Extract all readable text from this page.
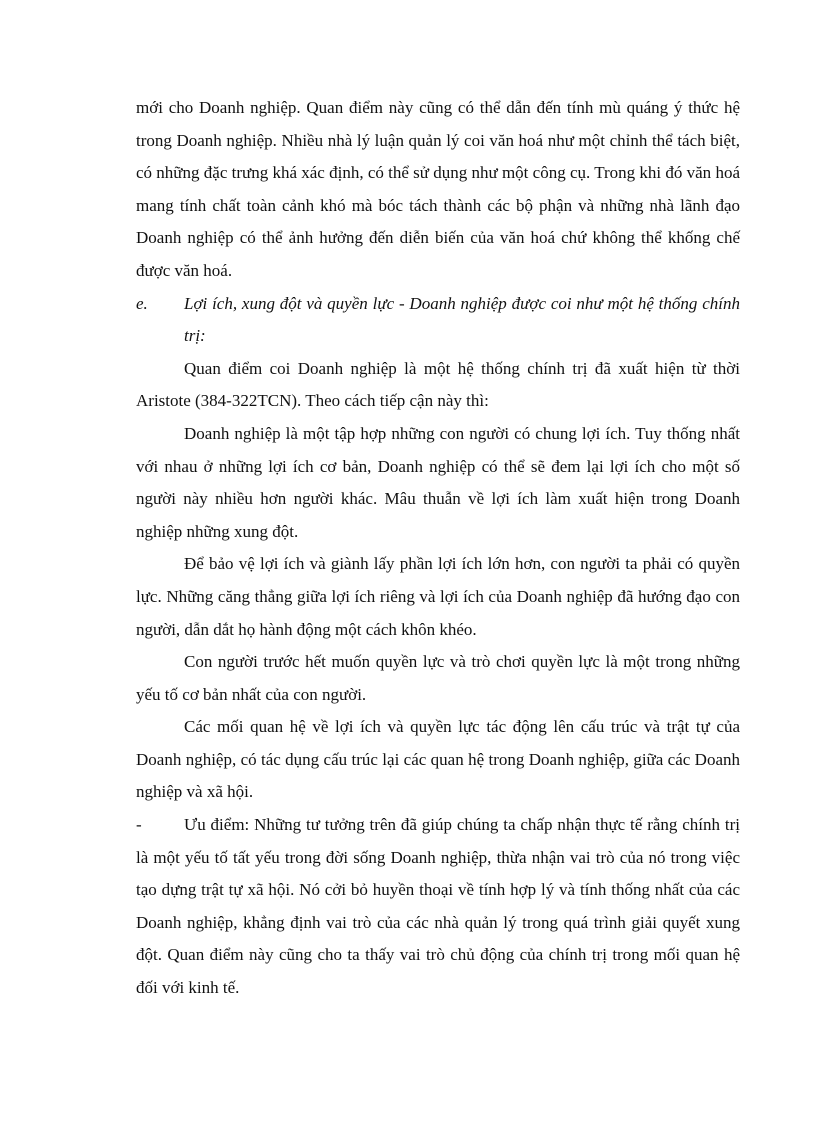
mới cho Doanh nghiệp. Quan điểm này cũng có thể dẫn đến tính mù quáng ý thức hệ trong Doanh nghiệp. Nhiều nhà lý luận quản lý coi văn hoá như một chỉnh thể tách biệt, có những đặc trưng khá xác định, có thể sử dụng như một công cụ. Trong khi đó văn hoá mang tính chất toàn cảnh khó mà bóc tách thành các bộ phận và những nhà lãnh đạo Doanh nghiệp có thể ảnh hưởng đến diễn biến của văn hoá chứ không thể khống chế được văn hoá.

e.	Lợi ích, xung đột và quyền lực - Doanh nghiệp được coi như một hệ thống chính trị:

Quan điểm coi Doanh nghiệp là một hệ thống chính trị đã xuất hiện từ thời Aristote (384-322TCN). Theo cách tiếp cận này thì:

Doanh nghiệp là một tập hợp những con người có chung lợi ích. Tuy thống nhất với nhau ở những lợi ích cơ bản, Doanh nghiệp có thể sẽ đem lại lợi ích cho một số người này nhiều hơn người khác. Mâu thuẫn về lợi ích làm xuất hiện trong Doanh nghiệp những xung đột.

Để bảo vệ lợi ích và giành lấy phần lợi ích lớn hơn, con người ta phải có quyền lực. Những căng thẳng giữa lợi ích riêng và lợi ích của Doanh nghiệp đã hướng đạo con người, dẫn dắt họ hành động một cách khôn khéo.

Con người trước hết muốn quyền lực và trò chơi quyền lực là một trong những yếu tố cơ bản nhất của con người.

Các mối quan hệ về lợi ích và quyền lực tác động lên cấu trúc và trật tự của Doanh nghiệp, có tác dụng cấu trúc lại các quan hệ trong Doanh nghiệp, giữa các Doanh nghiệp và xã hội.

-	Ưu điểm: Những tư tưởng trên đã giúp chúng ta chấp nhận thực tế rằng chính trị là một yếu tố tất yếu trong đời sống Doanh nghiệp, thừa nhận vai trò của nó trong việc tạo dựng trật tự xã hội. Nó cởi bỏ huyền thoại về tính hợp lý và tính thống nhất của các Doanh nghiệp, khẳng định vai trò của các nhà quản lý trong quá trình giải quyết xung đột. Quan điểm này cũng cho ta thấy vai trò chủ động của chính trị trong mối quan hệ đối với kinh tế.
